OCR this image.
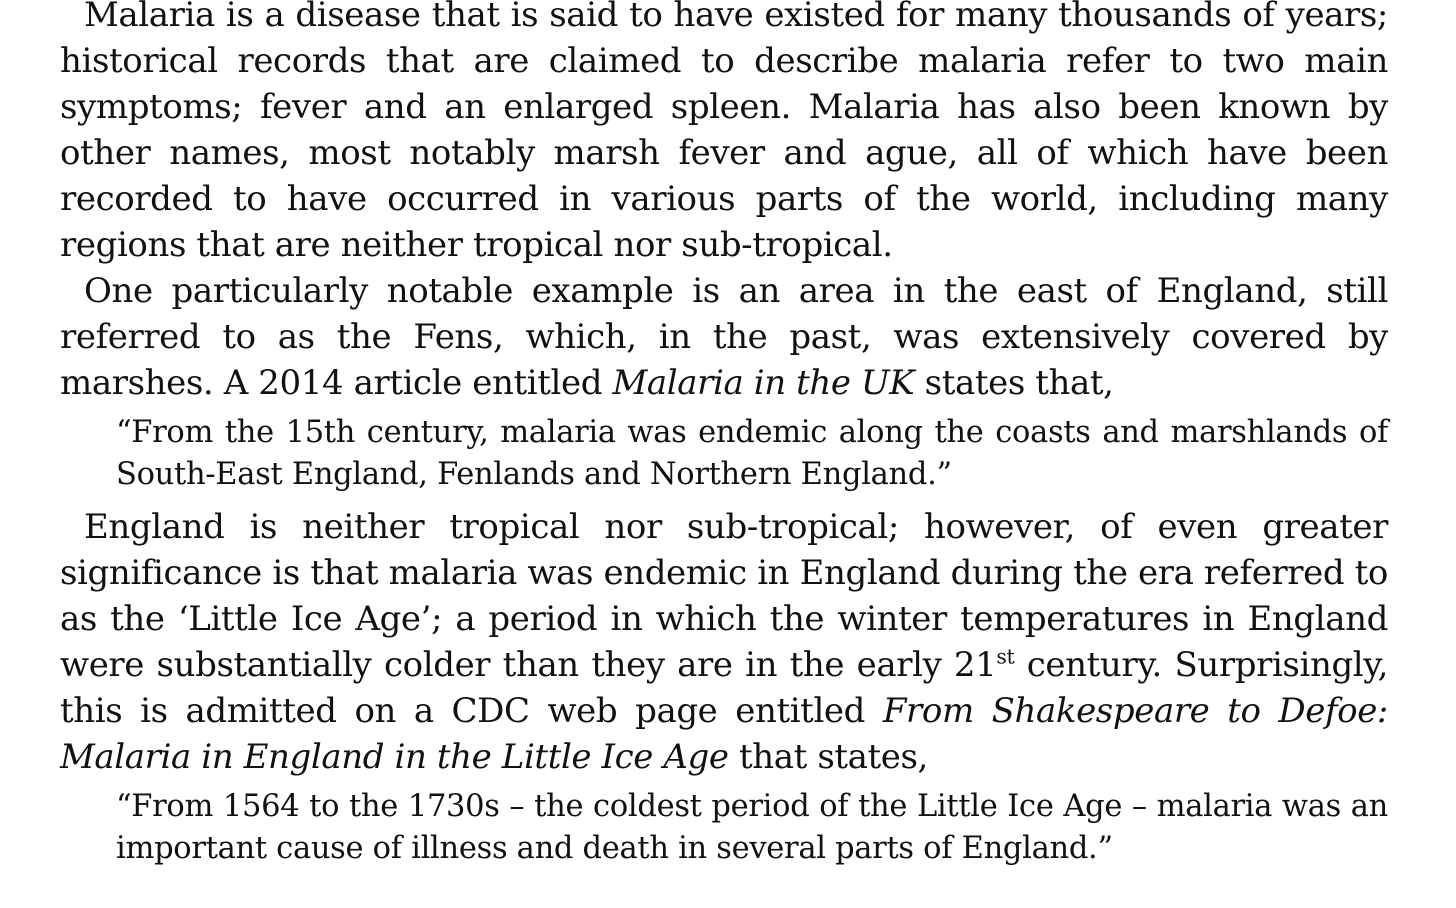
Malaria is a disease that is said to have existed for many thousands of years; historical records that are claimed to describe malaria refer to two main symptoms; fever and an enlarged spleen. Malaria has also been known by other names, most notably marsh fever and ague, all of which have been recorded to have occurred in various parts of the world, including many regions that are neither tropical nor sub-tropical.

One particularly notable example is an area in the east of England, still referred to as the Fens, which, in the past, was extensively covered by marshes. A 2014 article entitled Malaria in the UK states that,

“From the 15th century, malaria was endemic along the coasts and marshlands of South-East England, Fenlands and Northern England.”

England is neither tropical nor sub-tropical; however, of even greater significance is that malaria was endemic in England during the era referred to as the ‘Little Ice Age’; a period in which the winter temperatures in England were substantially colder than they are in the early 21st century. Surprisingly, this is admitted on a CDC web page entitled From Shakespeare to Defoe: Malaria in England in the Little Ice Age that states,

“From 1564 to the 1730s – the coldest period of the Little Ice Age – malaria was an important cause of illness and death in several parts of England.”
